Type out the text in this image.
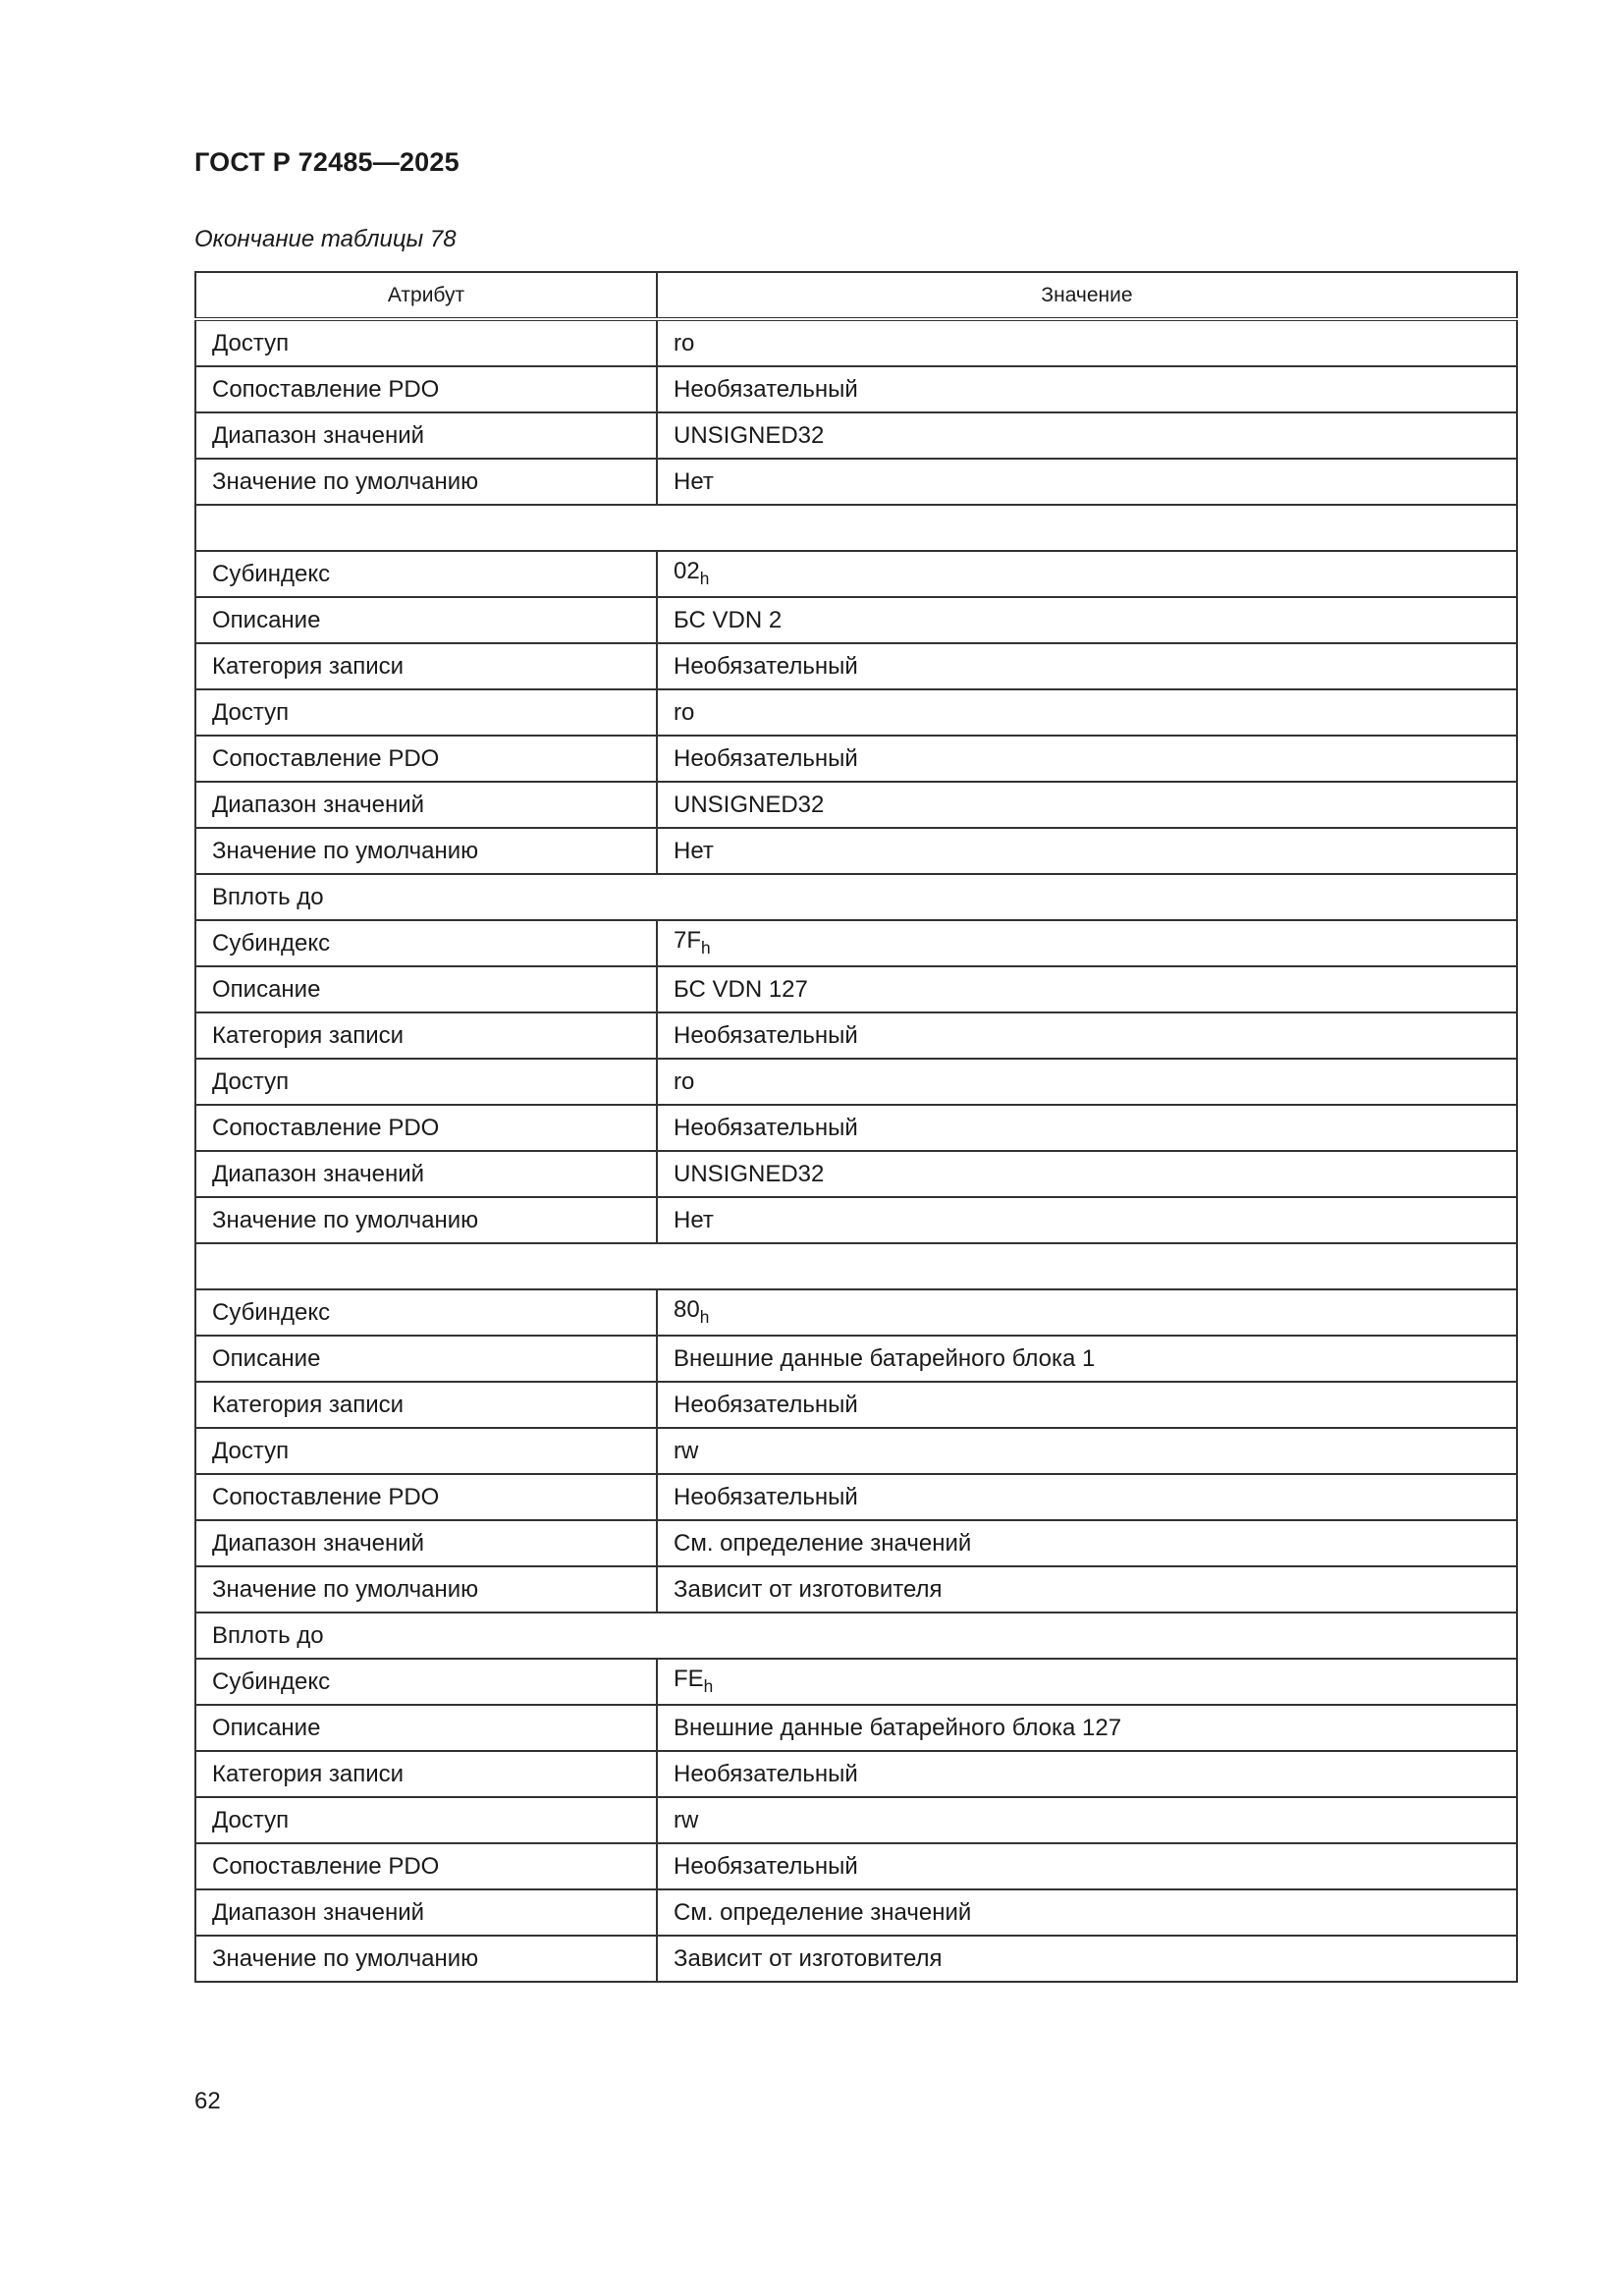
ГОСТ Р 72485—2025
Окончание таблицы 78
Атрибут	Значение
Доступ	ro
Сопоставление PDO	Необязательный
Диапазон значений	UNSIGNED32
Значение по умолчанию	Нет

Субиндекс	$02_h$
Описание	БС VDN 2
Категория записи	Необязательный
Доступ	ro
Сопоставление PDO	Необязательный
Диапазон значений	UNSIGNED32
Значение по умолчанию	Нет
Вплоть до	
Субиндекс	$7F_h$
Описание	БС VDN 127
Категория записи	Необязательный
Доступ	ro
Сопоставление PDO	Необязательный
Диапазон значений	UNSIGNED32
Значение по умолчанию	Нет

Субиндекс	$80_h$
Описание	Внешние данные батарейного блока 1
Категория записи	Необязательный
Доступ	rw
Сопоставление PDO	Необязательный
Диапазон значений	См. определение значений
Значение по умолчанию	Зависит от изготовителя
Вплоть до	
Субиндекс	$FE_h$
Описание	Внешние данные батарейного блока 127
Категория записи	Необязательный
Доступ	rw
Сопоставление PDO	Необязательный
Диапазон значений	См. определение значений
Значение по умолчанию	Зависит от изготовителя
62
